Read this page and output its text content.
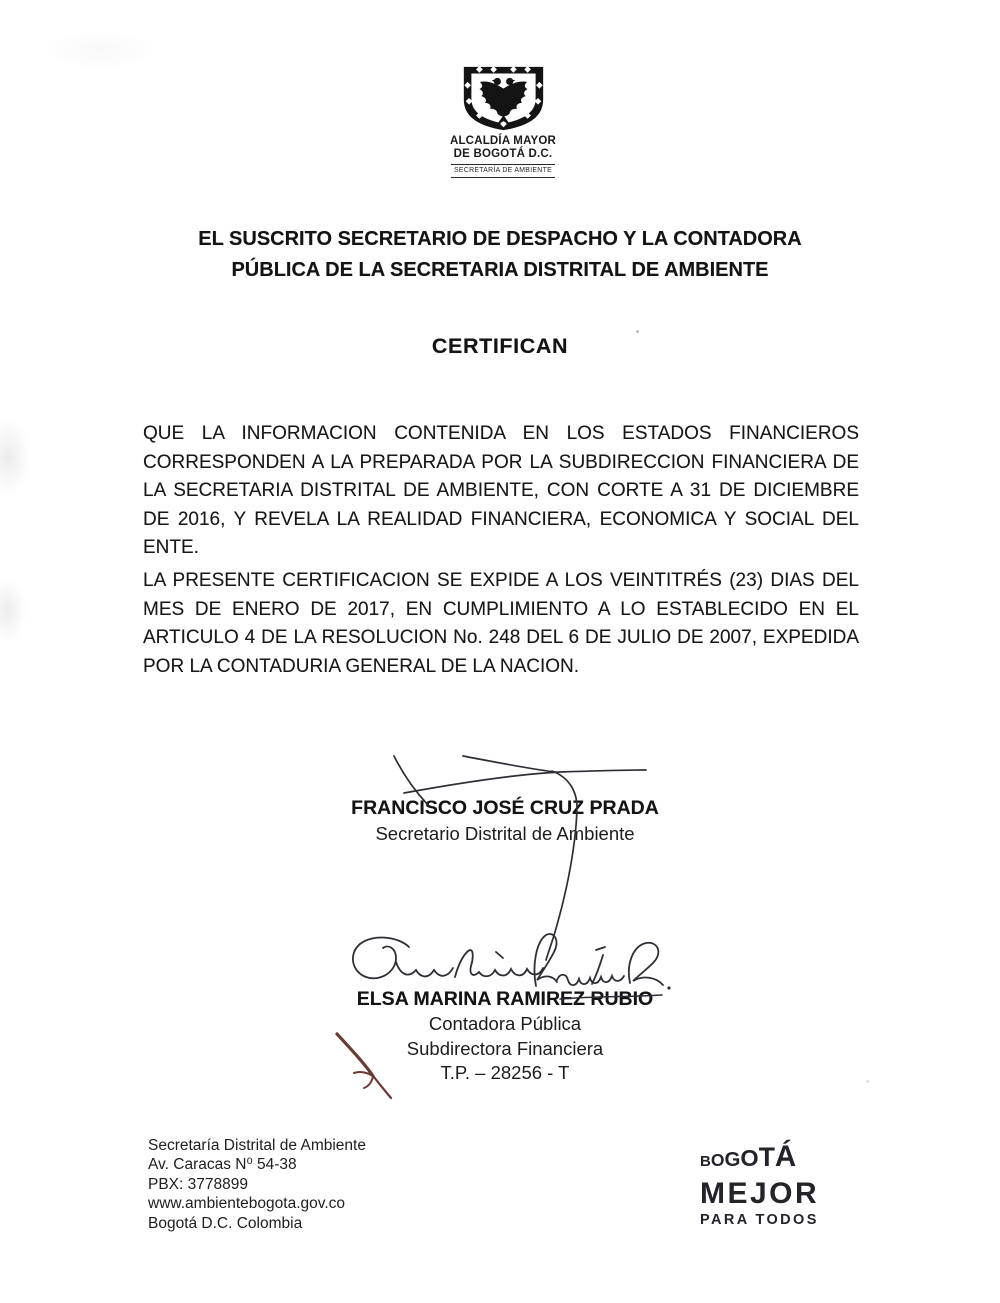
ALCALDÍA MAYOR
DE BOGOTÁ D.C.
SECRETARÍA DE AMBIENTE
EL SUSCRITO SECRETARIO DE DESPACHO Y LA CONTADORA
PÚBLICA DE LA SECRETARIA DISTRITAL DE AMBIENTE
CERTIFICAN
QUE LA INFORMACION CONTENIDA EN LOS ESTADOS FINANCIEROS CORRESPONDEN A LA PREPARADA POR LA SUBDIRECCION FINANCIERA DE LA SECRETARIA DISTRITAL DE AMBIENTE, CON CORTE A 31 DE DICIEMBRE DE 2016, Y REVELA LA REALIDAD FINANCIERA, ECONOMICA Y SOCIAL DEL ENTE.
LA PRESENTE CERTIFICACION SE EXPIDE A LOS VEINTITRÉS (23) DIAS DEL MES DE ENERO DE 2017, EN CUMPLIMIENTO A LO ESTABLECIDO EN EL ARTICULO 4 DE LA RESOLUCION No. 248 DEL 6 DE JULIO DE 2007, EXPEDIDA POR LA CONTADURIA GENERAL DE LA NACION.
FRANCISCO JOSÉ CRUZ PRADA
Secretario Distrital de Ambiente
ELSA MARINA RAMIREZ RUBIO
Contadora Pública
Subdirectora Financiera
T.P. – 28256 - T
Secretaría Distrital de Ambiente
Av. Caracas N⁰ 54-38
PBX: 3778899
www.ambientebogota.gov.co
Bogotá D.C. Colombia
B O G O T Á
MEJOR
PARA TODOS
